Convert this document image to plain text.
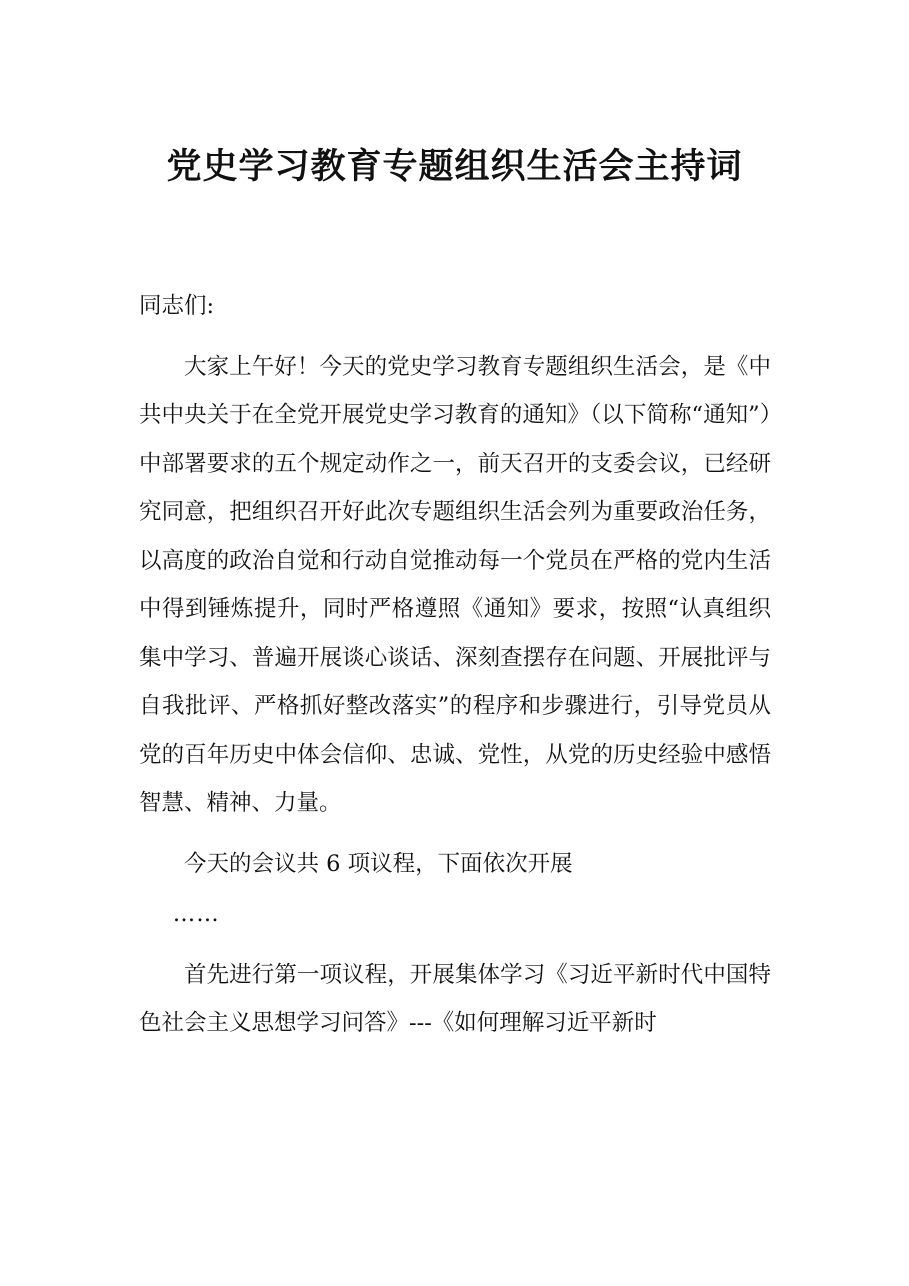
党史学习教育专题组织生活会主持词

同志们:

大家上午好！今天的党史学习教育专题组织生活会，是《中共中央关于在全党开展党史学习教育的通知》（以下简称“通知”）中部署要求的五个规定动作之一，前天召开的支委会议，已经研究同意，把组织召开好此次专题组织生活会列为重要政治任务，以高度的政治自觉和行动自觉推动每一个党员在严格的党内生活中得到锤炼提升，同时严格遵照《通知》要求，按照“认真组织集中学习、普遍开展谈心谈话、深刻查摆存在问题、开展批评与自我批评、严格抓好整改落实”的程序和步骤进行，引导党员从党的百年历史中体会信仰、忠诚、党性，从党的历史经验中感悟智慧、精神、力量。

今天的会议共 6 项议程，下面依次开展

……

首先进行第一项议程，开展集体学习《习近平新时代中国特色社会主义思想学习问答》---《如何理解习近平新时
